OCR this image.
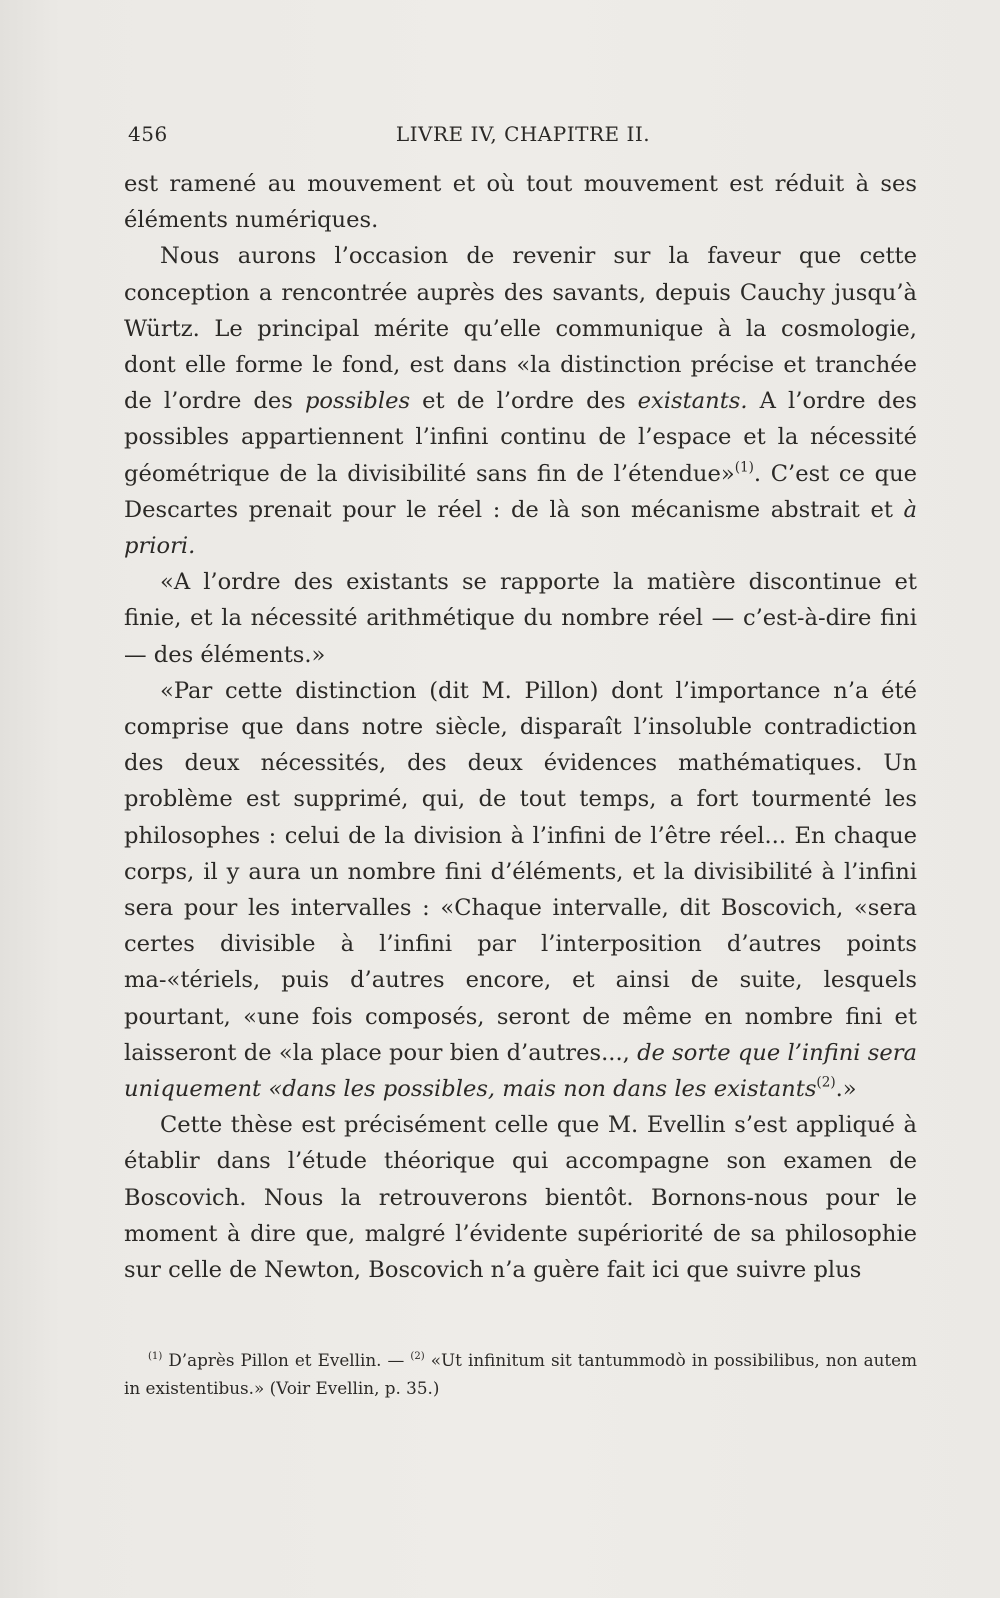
456	LIVRE IV, CHAPITRE II.

est ramené au mouvement et où tout mouvement est réduit à ses éléments numériques.

Nous aurons l’occasion de revenir sur la faveur que cette conception a rencontrée auprès des savants, depuis Cauchy jusqu’à Würtz. Le principal mérite qu’elle communique à la cosmologie, dont elle forme le fond, est dans «la distinction précise et tranchée de l’ordre des possibles et de l’ordre des existants. A l’ordre des possibles appartiennent l’infini continu de l’espace et la nécessité géométrique de la divisibilité sans fin de l’étendue»$^{(1)}$. C’est ce que Descartes prenait pour le réel : de là son mécanisme abstrait et à priori.

«A l’ordre des existants se rapporte la matière discontinue et finie, et la nécessité arithmétique du nombre réel — c’est-à-dire fini — des éléments.»

«Par cette distinction (dit M. Pillon) dont l’importance n’a été comprise que dans notre siècle, disparaît l’insoluble contradiction des deux nécessités, des deux évidences mathématiques. Un problème est supprimé, qui, de tout temps, a fort tourmenté les philosophes : celui de la division à l’infini de l’être réel... En chaque corps, il y aura un nombre fini d’éléments, et la divisibilité à l’infini sera pour les intervalles : «Chaque intervalle, dit Boscovich, «sera certes divisible à l’infini par l’interposition d’autres points ma-«tériels, puis d’autres encore, et ainsi de suite, lesquels pourtant, «une fois composés, seront de même en nombre fini et laisseront de «la place pour bien d’autres..., de sorte que l’infini sera uniquement «dans les possibles, mais non dans les existants$^{(2)}$.»

Cette thèse est précisément celle que M. Evellin s’est appliqué à établir dans l’étude théorique qui accompagne son examen de Boscovich. Nous la retrouverons bientôt. Bornons-nous pour le moment à dire que, malgré l’évidente supériorité de sa philosophie sur celle de Newton, Boscovich n’a guère fait ici que suivre plus

$^{(1)}$ D’après Pillon et Evellin. — $^{(2)}$ «Ut infinitum sit tantummodò in possibilibus, non autem in existentibus.» (Voir Evellin, p. 35.)
